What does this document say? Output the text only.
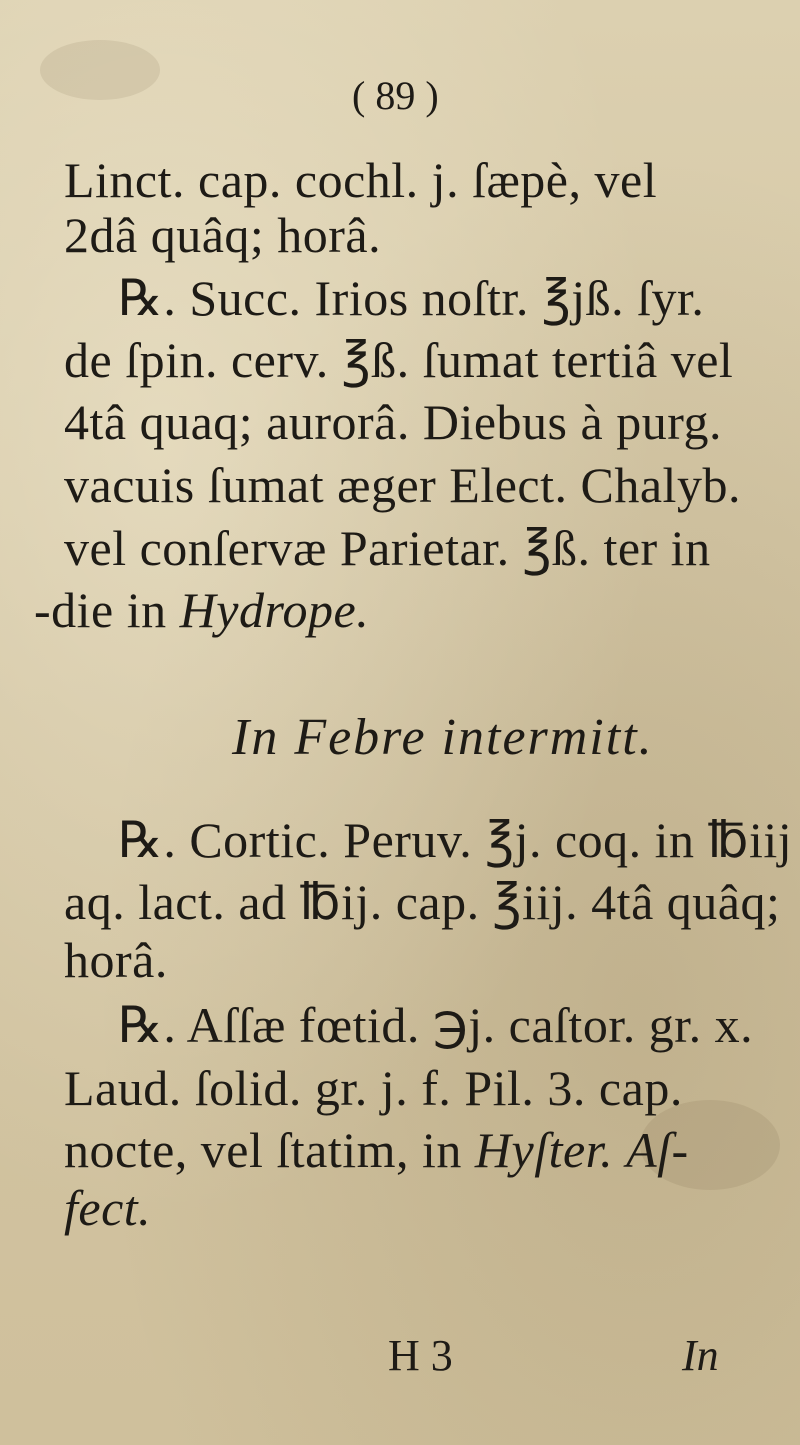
( 89 )
Linct. cap. cochl. j. ſæpè, vel
2dâ quâq; horâ.
℞. Succ. Irios noſtr. ℥jß. ſyr.
de ſpin. cerv. ℥ß. ſumat tertiâ vel
4tâ quaq; aurorâ. Diebus à purg.
vacuis ſumat æger Elect. Chalyb.
vel conſervæ Parietar. ℥ß. ter in
-die in Hydrope.
In Febre intermitt.
℞. Cortic. Peruv. ℥j. coq. in ℔iij
aq. lact. ad ℔ij. cap. ℥iij. 4tâ quâq;
horâ.
℞. Aſſæ fœtid. ℈j. caſtor. gr. x.
Laud. ſolid. gr. j. f. Pil. 3. cap.
nocte, vel ſtatim, in Hyſter. Aſ-
fect.
H 3	In
